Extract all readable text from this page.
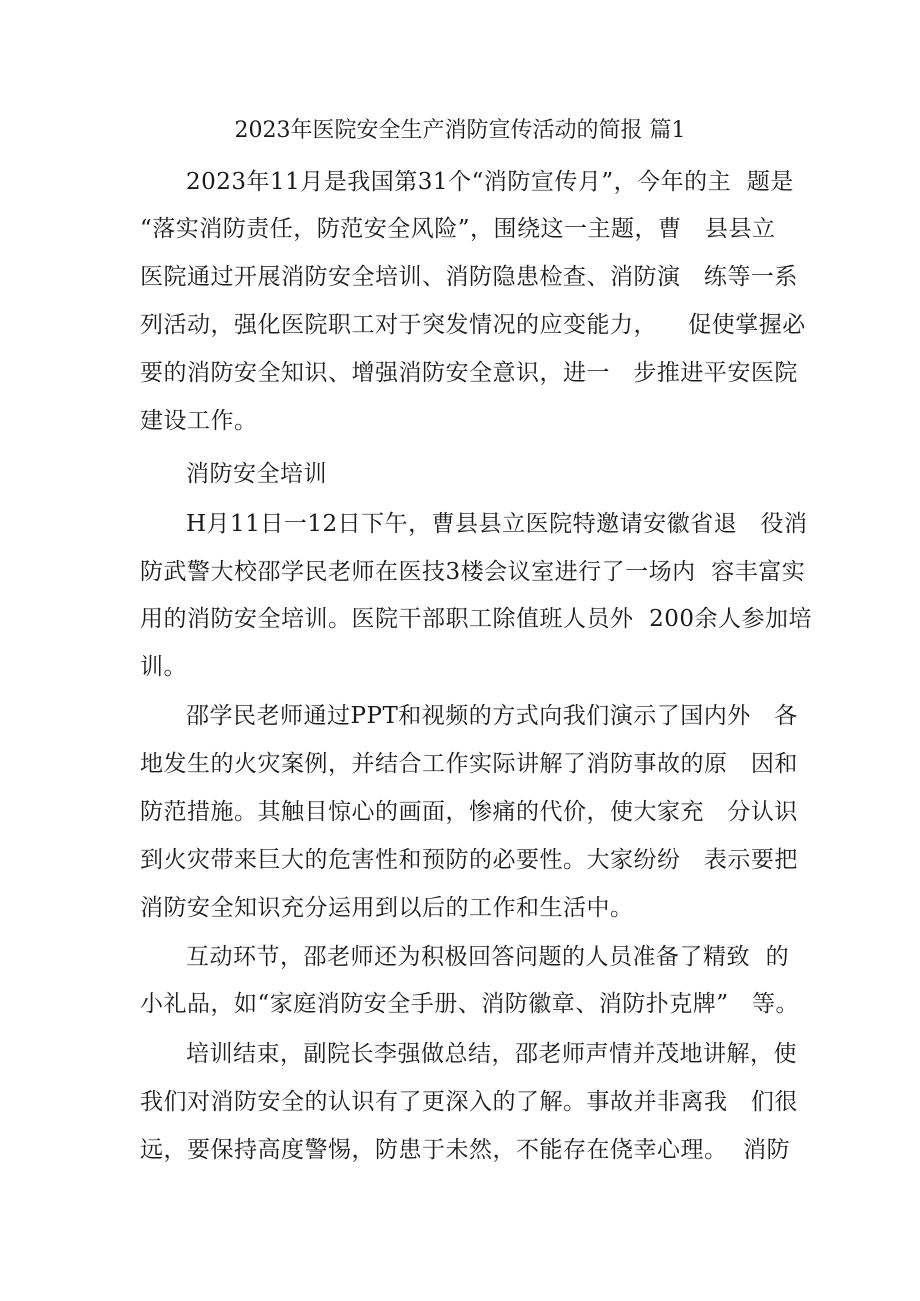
2023年医院安全生产消防宣传活动的简报 篇1
2023年11月是我国第31个“消防宣传月”，今年的主  题是
“落实消防责任，防范安全风险”，围绕这一主题，曹   县县立
医院通过开展消防安全培训、消防隐患检查、消防演   练等一系
列活动，强化医院职工对于突发情况的应变能力，    促使掌握必
要的消防安全知识、增强消防安全意识，进一   步推进平安医院
建设工作。
消防安全培训
H月11日一12日下午，曹县县立医院特邀请安徽省退   役消
防武警大校邵学民老师在医技3楼会议室进行了一场内  容丰富实
用的消防安全培训。医院干部职工除值班人员外  200余人参加培
训。
邵学民老师通过PPT和视频的方式向我们演示了国内外   各
地发生的火灾案例，并结合工作实际讲解了消防事故的原   因和
防范措施。其触目惊心的画面，惨痛的代价，使大家充   分认识
到火灾带来巨大的危害性和预防的必要性。大家纷纷   表示要把
消防安全知识充分运用到以后的工作和生活中。
互动环节，邵老师还为积极回答问题的人员准备了精致  的
小礼品，如“家庭消防安全手册、消防徽章、消防扑克牌”   等。
培训结束，副院长李强做总结，邵老师声情并茂地讲解，使
我们对消防安全的认识有了更深入的了解。事故并非离我   们很
远，要保持高度警惕，防患于未然，不能存在侥幸心理。  消防
